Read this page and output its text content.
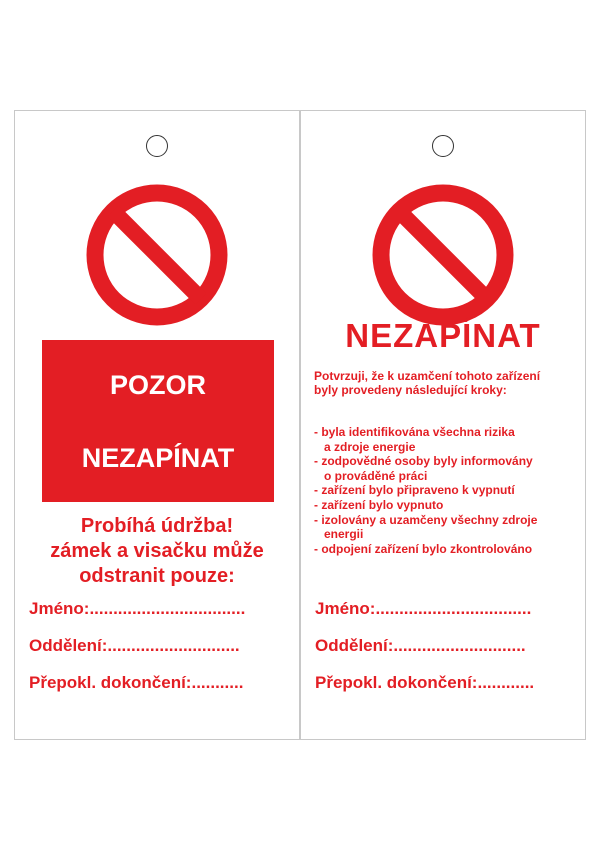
POZOR
NEZAPÍNAT
Probíhá údržba!
zámek a visačku může
odstranit pouze:
Jméno:.................................
Oddělení:............................
Přepokl. dokončení:...........
NEZAPÍNAT
Potvrzuji, že k uzamčení tohoto zařízení
byly provedeny následující kroky:
- byla identifikována všechna rizika
a zdroje energie
- zodpovědné osoby byly informovány
o prováděné práci
- zařízení bylo připraveno k vypnutí
- zařízení bylo vypnuto
- izolovány a uzamčeny všechny zdroje
energii
- odpojení zařízení bylo zkontrolováno
Jméno:.................................
Oddělení:............................
Přepokl. dokončení:............
